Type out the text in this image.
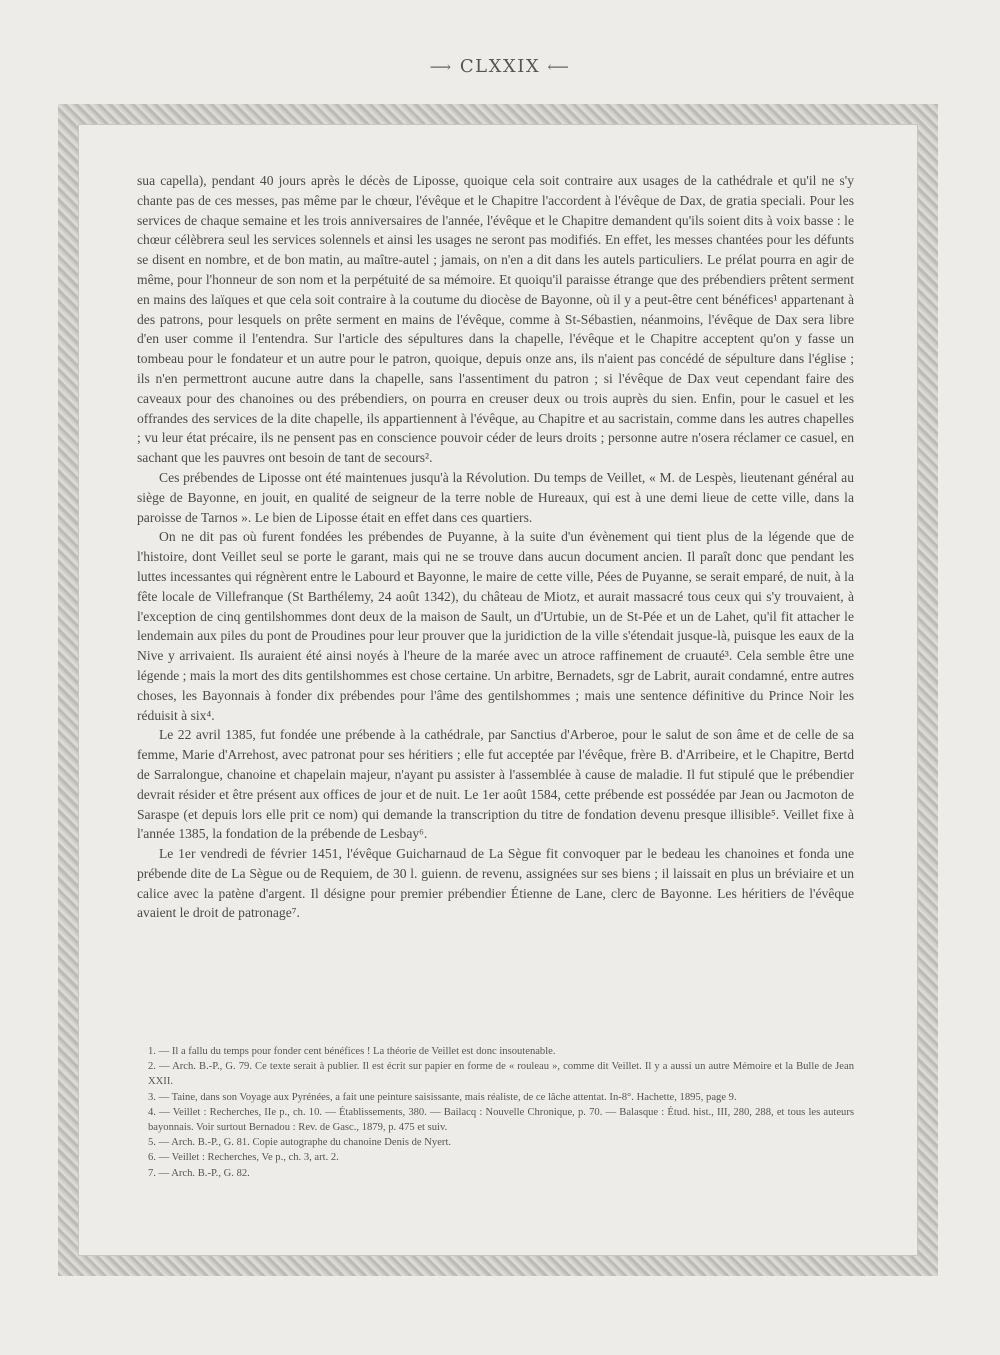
⟶ CLXXIX ⟵

sua capella), pendant 40 jours après le décès de Liposse, quoique cela soit contraire aux usages de la cathédrale et qu'il ne s'y chante pas de ces messes, pas même par le chœur, l'évêque et le Chapitre l'accordent à l'évêque de Dax, de gratia speciali. Pour les services de chaque semaine et les trois anniversaires de l'année, l'évêque et le Chapitre demandent qu'ils soient dits à voix basse : le chœur célèbrera seul les services solennels et ainsi les usages ne seront pas modifiés. En effet, les messes chantées pour les défunts se disent en nombre, et de bon matin, au maître-autel ; jamais, on n'en a dit dans les autels particuliers. Le prélat pourra en agir de même, pour l'honneur de son nom et la perpétuité de sa mémoire. Et quoiqu'il paraisse étrange que des prébendiers prêtent serment en mains des laïques et que cela soit contraire à la coutume du diocèse de Bayonne, où il y a peut-être cent bénéfices¹ appartenant à des patrons, pour lesquels on prête serment en mains de l'évêque, comme à St-Sébastien, néanmoins, l'évêque de Dax sera libre d'en user comme il l'entendra. Sur l'article des sépultures dans la chapelle, l'évêque et le Chapitre acceptent qu'on y fasse un tombeau pour le fondateur et un autre pour le patron, quoique, depuis onze ans, ils n'aient pas concédé de sépulture dans l'église ; ils n'en permettront aucune autre dans la chapelle, sans l'assentiment du patron ; si l'évêque de Dax veut cependant faire des caveaux pour des chanoines ou des prébendiers, on pourra en creuser deux ou trois auprès du sien. Enfin, pour le casuel et les offrandes des services de la dite chapelle, ils appartiennent à l'évêque, au Chapitre et au sacristain, comme dans les autres chapelles ; vu leur état précaire, ils ne pensent pas en conscience pouvoir céder de leurs droits ; personne autre n'osera réclamer ce casuel, en sachant que les pauvres ont besoin de tant de secours².

Ces prébendes de Liposse ont été maintenues jusqu'à la Révolution. Du temps de Veillet, « M. de Lespès, lieutenant général au siège de Bayonne, en jouit, en qualité de seigneur de la terre noble de Hureaux, qui est à une demi lieue de cette ville, dans la paroisse de Tarnos ». Le bien de Liposse était en effet dans ces quartiers.

On ne dit pas où furent fondées les prébendes de Puyanne, à la suite d'un évènement qui tient plus de la légende que de l'histoire, dont Veillet seul se porte le garant, mais qui ne se trouve dans aucun document ancien. Il paraît donc que pendant les luttes incessantes qui régnèrent entre le Labourd et Bayonne, le maire de cette ville, Pées de Puyanne, se serait emparé, de nuit, à la fête locale de Villefranque (St Barthélemy, 24 août 1342), du château de Miotz, et aurait massacré tous ceux qui s'y trouvaient, à l'exception de cinq gentilshommes dont deux de la maison de Sault, un d'Urtubie, un de St-Pée et un de Lahet, qu'il fit attacher le lendemain aux piles du pont de Proudines pour leur prouver que la juridiction de la ville s'étendait jusque-là, puisque les eaux de la Nive y arrivaient. Ils auraient été ainsi noyés à l'heure de la marée avec un atroce raffinement de cruauté³. Cela semble être une légende ; mais la mort des dits gentilshommes est chose certaine. Un arbitre, Bernadets, sgr de Labrit, aurait condamné, entre autres choses, les Bayonnais à fonder dix prébendes pour l'âme des gentilshommes ; mais une sentence définitive du Prince Noir les réduisit à six⁴.

Le 22 avril 1385, fut fondée une prébende à la cathédrale, par Sanctius d'Arberoe, pour le salut de son âme et de celle de sa femme, Marie d'Arrehost, avec patronat pour ses héritiers ; elle fut acceptée par l'évêque, frère B. d'Arribeire, et le Chapitre, Bertd de Sarralongue, chanoine et chapelain majeur, n'ayant pu assister à l'assemblée à cause de maladie. Il fut stipulé que le prébendier devrait résider et être présent aux offices de jour et de nuit. Le 1er août 1584, cette prébende est possédée par Jean ou Jacmoton de Saraspe (et depuis lors elle prit ce nom) qui demande la transcription du titre de fondation devenu presque illisible⁵. Veillet fixe à l'année 1385, la fondation de la prébende de Lesbay⁶.

Le 1er vendredi de février 1451, l'évêque Guicharnaud de La Sègue fit convoquer par le bedeau les chanoines et fonda une prébende dite de La Sègue ou de Requiem, de 30 l. guienn. de revenu, assignées sur ses biens ; il laissait en plus un bréviaire et un calice avec la patène d'argent. Il désigne pour premier prébendier Étienne de Lane, clerc de Bayonne. Les héritiers de l'évêque avaient le droit de patronage⁷.

1. — Il a fallu du temps pour fonder cent bénéfices ! La théorie de Veillet est donc insoutenable.

2. — Arch. B.-P., G. 79. Ce texte serait à publier. Il est écrit sur papier en forme de « rouleau », comme dit Veillet. Il y a aussi un autre Mémoire et la Bulle de Jean XXII.

3. — Taine, dans son Voyage aux Pyrénées, a fait une peinture saisissante, mais réaliste, de ce lâche attentat. In-8°. Hachette, 1895, page 9.

4. — Veillet : Recherches, IIe p., ch. 10. — Établissements, 380. — Bailacq : Nouvelle Chronique, p. 70. — Balasque : Étud. hist., III, 280, 288, et tous les auteurs bayonnais. Voir surtout Bernadou : Rev. de Gasc., 1879, p. 475 et suiv.

5. — Arch. B.-P., G. 81. Copie autographe du chanoine Denis de Nyert.

6. — Veillet : Recherches, Ve p., ch. 3, art. 2.

7. — Arch. B.-P., G. 82.
